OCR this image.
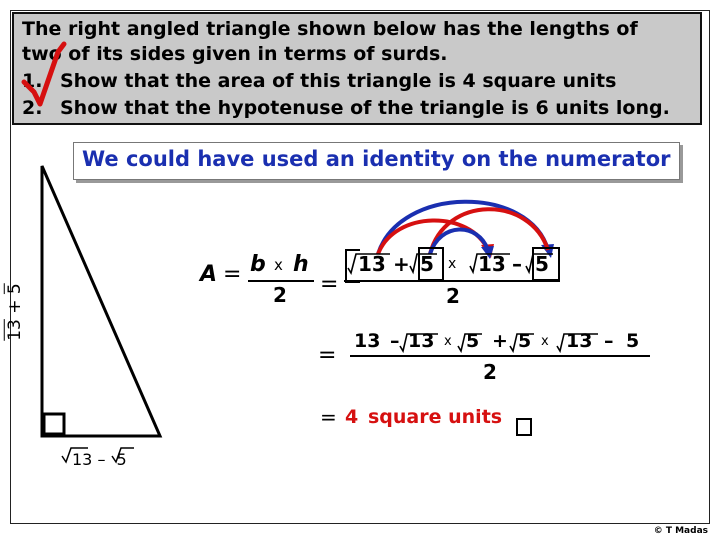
The right angled triangle shown below has the lengths of
two of its sides given in terms of surds.
1. Show that the area of this triangle is 4 square units
2. Show that the hypotenuse of the triangle is 6 units long.
We could have used an identity on the numerator
13 + 5
13 – 5
A = b x h
2 =
13 + 5 x 13 – 5
2
=
13 – 13 x 5 + 5 x 13 – 5
2
= 4 square units
© T Madas
